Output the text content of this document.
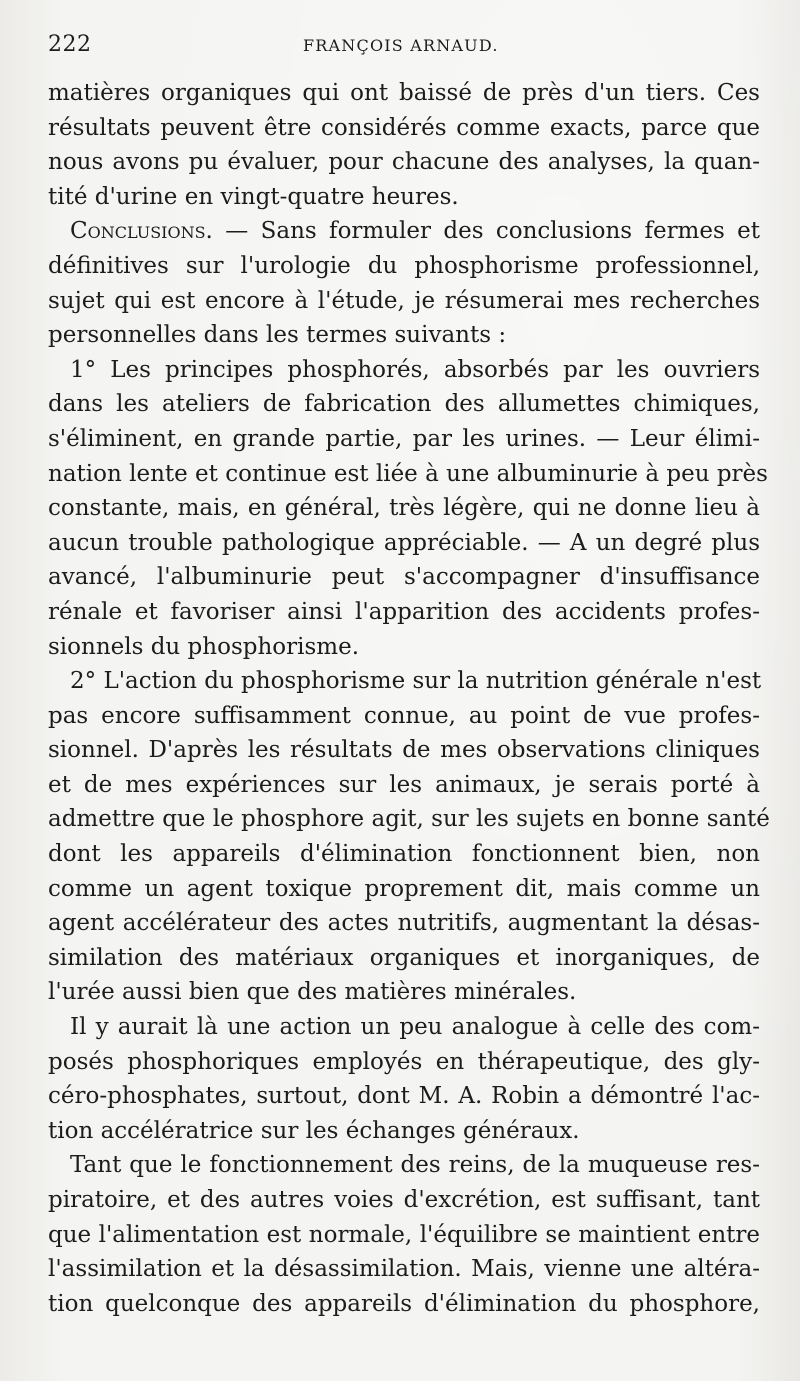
222	FRANÇOIS ARNAUD.
matières organiques qui ont baissé de près d'un tiers. Ces
résultats peuvent être considérés comme exacts, parce que
nous avons pu évaluer, pour chacune des analyses, la quan-
tité d'urine en vingt-quatre heures.
Conclusions. — Sans formuler des conclusions fermes et
définitives sur l'urologie du phosphorisme professionnel,
sujet qui est encore à l'étude, je résumerai mes recherches
personnelles dans les termes suivants :
1° Les principes phosphorés, absorbés par les ouvriers
dans les ateliers de fabrication des allumettes chimiques,
s'éliminent, en grande partie, par les urines. — Leur élimi-
nation lente et continue est liée à une albuminurie à peu près
constante, mais, en général, très légère, qui ne donne lieu à
aucun trouble pathologique appréciable. — A un degré plus
avancé, l'albuminurie peut s'accompagner d'insuffisance
rénale et favoriser ainsi l'apparition des accidents profes-
sionnels du phosphorisme.
2° L'action du phosphorisme sur la nutrition générale n'est
pas encore suffisamment connue, au point de vue profes-
sionnel. D'après les résultats de mes observations cliniques
et de mes expériences sur les animaux, je serais porté à
admettre que le phosphore agit, sur les sujets en bonne santé
dont les appareils d'élimination fonctionnent bien, non
comme un agent toxique proprement dit, mais comme un
agent accélérateur des actes nutritifs, augmentant la désas-
similation des matériaux organiques et inorganiques, de
l'urée aussi bien que des matières minérales.
Il y aurait là une action un peu analogue à celle des com-
posés phosphoriques employés en thérapeutique, des gly-
céro-phosphates, surtout, dont M. A. Robin a démontré l'ac-
tion accélératrice sur les échanges généraux.
Tant que le fonctionnement des reins, de la muqueuse res-
piratoire, et des autres voies d'excrétion, est suffisant, tant
que l'alimentation est normale, l'équilibre se maintient entre
l'assimilation et la désassimilation. Mais, vienne une altéra-
tion quelconque des appareils d'élimination du phosphore,
